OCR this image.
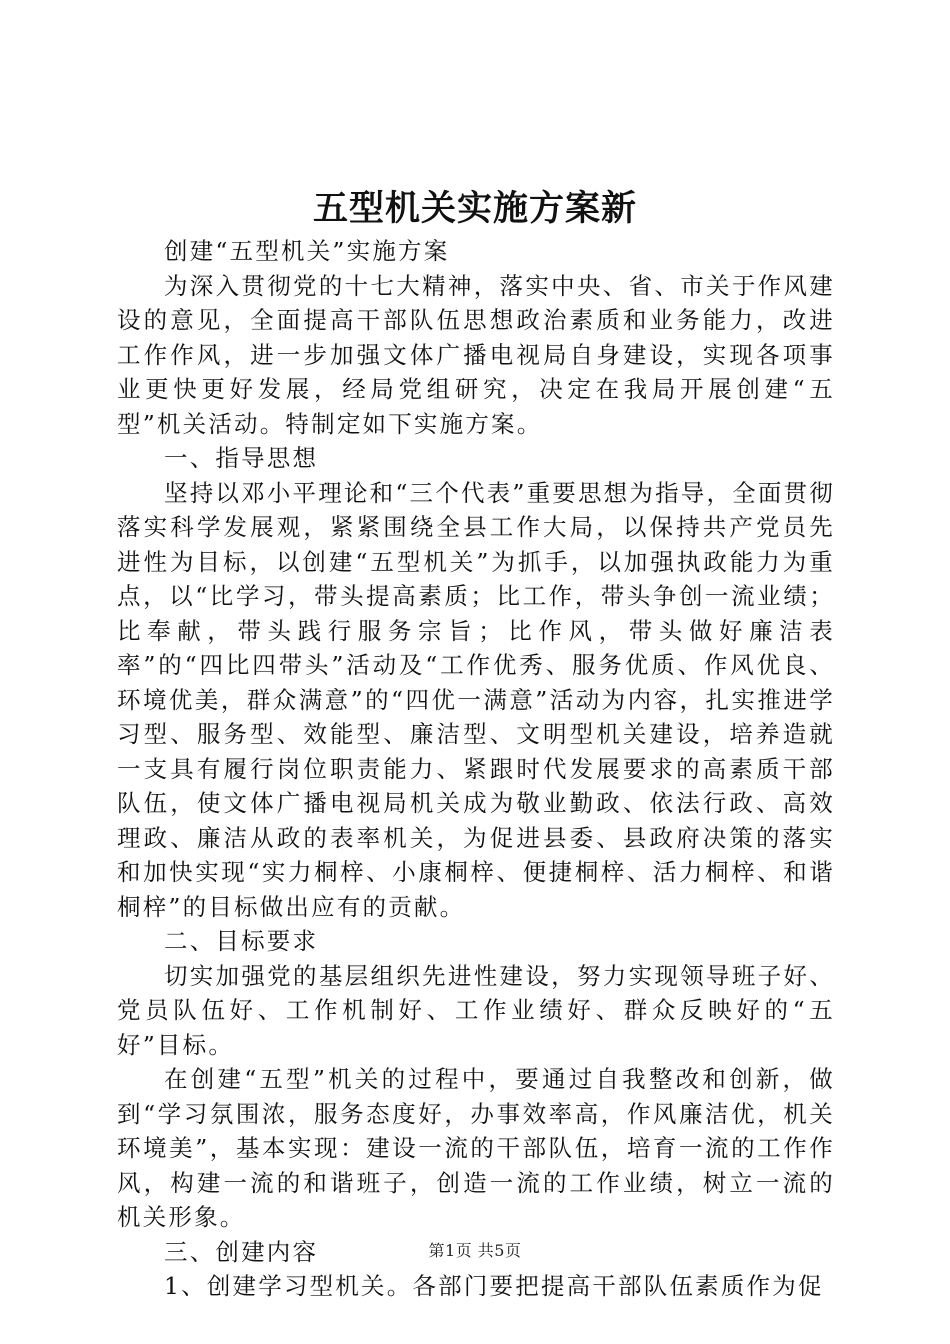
五型机关实施方案新

创建“五型机关”实施方案

为深入贯彻党的十七大精神，落实中央、省、市关于作风建设的意见，全面提高干部队伍思想政治素质和业务能力，改进工作作风，进一步加强文体广播电视局自身建设，实现各项事业更快更好发展，经局党组研究，决定在我局开展创建“五型”机关活动。特制定如下实施方案。

一、指导思想

坚持以邓小平理论和“三个代表”重要思想为指导，全面贯彻落实科学发展观，紧紧围绕全县工作大局，以保持共产党员先进性为目标，以创建“五型机关”为抓手，以加强执政能力为重点，以“比学习，带头提高素质；比工作，带头争创一流业绩；比奉献，带头践行服务宗旨；比作风，带头做好廉洁表率”的“四比四带头”活动及“工作优秀、服务优质、作风优良、环境优美，群众满意”的“四优一满意”活动为内容，扎实推进学习型、服务型、效能型、廉洁型、文明型机关建设，培养造就一支具有履行岗位职责能力、紧跟时代发展要求的高素质干部队伍，使文体广播电视局机关成为敬业勤政、依法行政、高效理政、廉洁从政的表率机关，为促进县委、县政府决策的落实和加快实现“实力桐梓、小康桐梓、便捷桐梓、活力桐梓、和谐桐梓”的目标做出应有的贡献。

二、目标要求

切实加强党的基层组织先进性建设，努力实现领导班子好、党员队伍好、工作机制好、工作业绩好、群众反映好的“五好”目标。

在创建“五型”机关的过程中，要通过自我整改和创新，做到“学习氛围浓，服务态度好，办事效率高，作风廉洁优，机关环境美”，基本实现：建设一流的干部队伍，培育一流的工作作风，构建一流的和谐班子，创造一流的工作业绩，树立一流的机关形象。

三、创建内容

1、创建学习型机关。各部门要把提高干部队伍素质作为促

第1页 共5页
